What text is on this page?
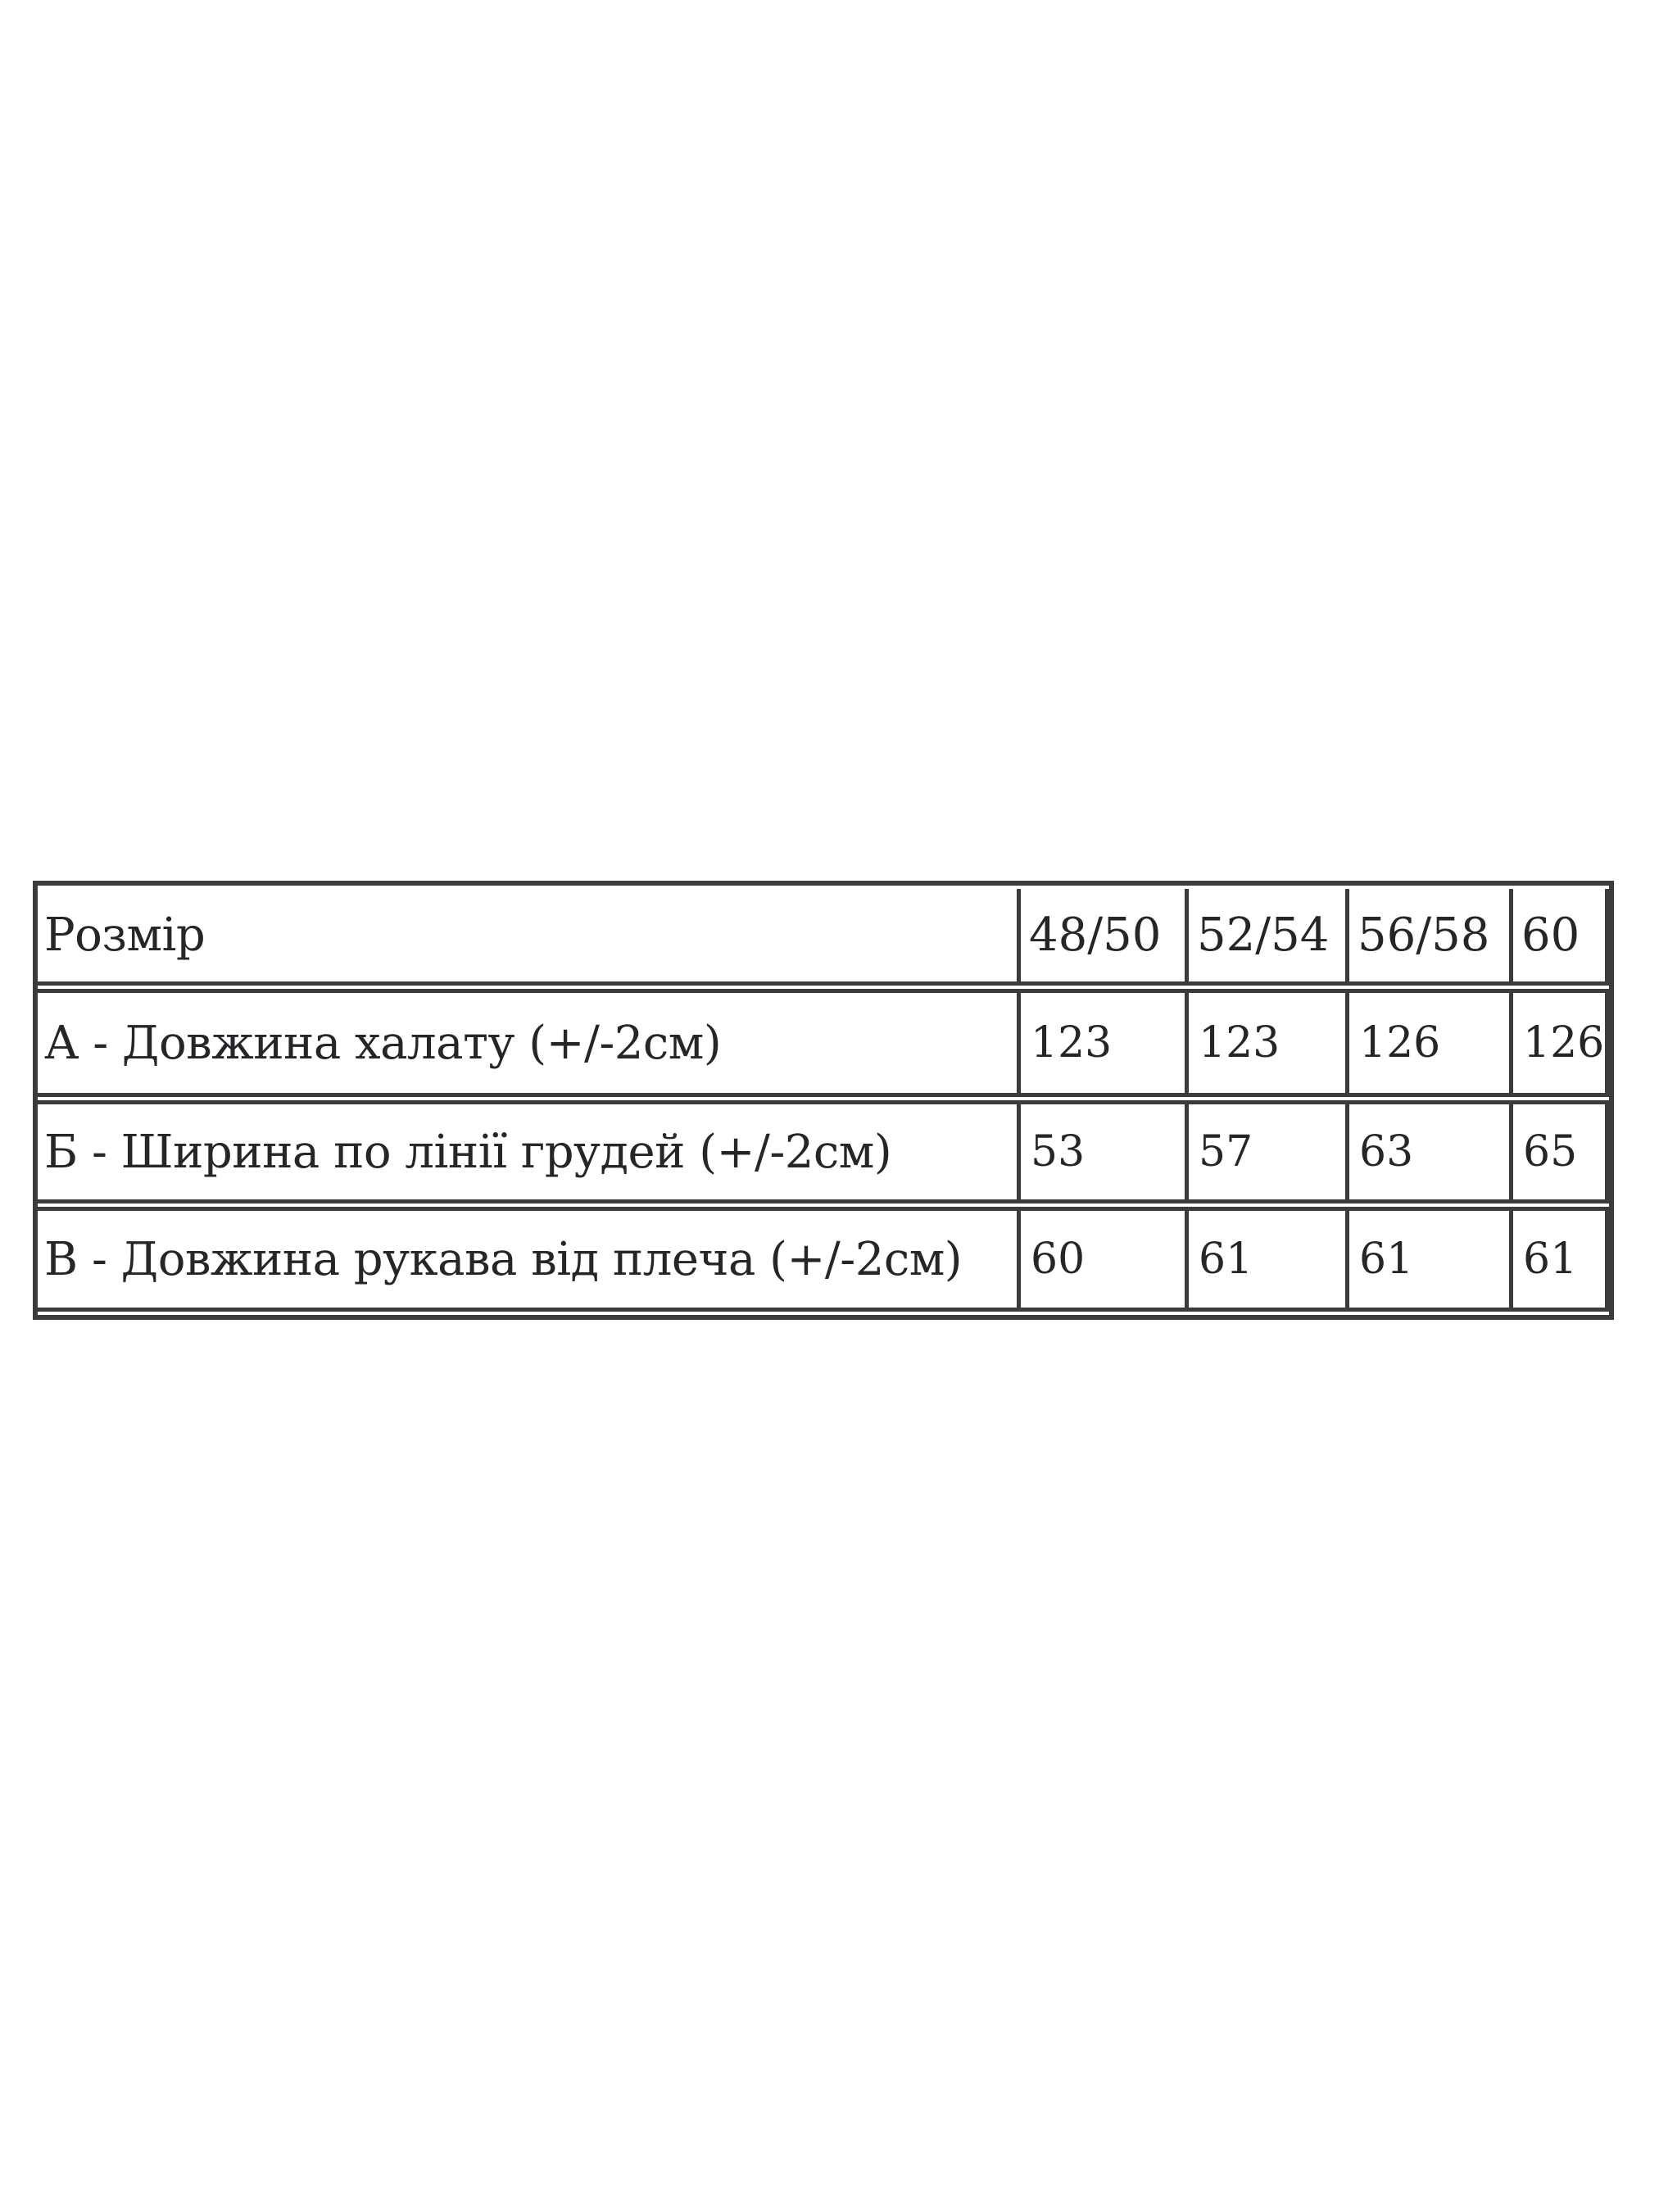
Розмір	48/50	52/54	56/58	60
А - Довжина халату (+/-2см)	123	123	126	126
Б - Ширина по лінії грудей (+/-2см)	53	57	63	65
В - Довжина рукава від плеча (+/-2см)	60	61	61	61
